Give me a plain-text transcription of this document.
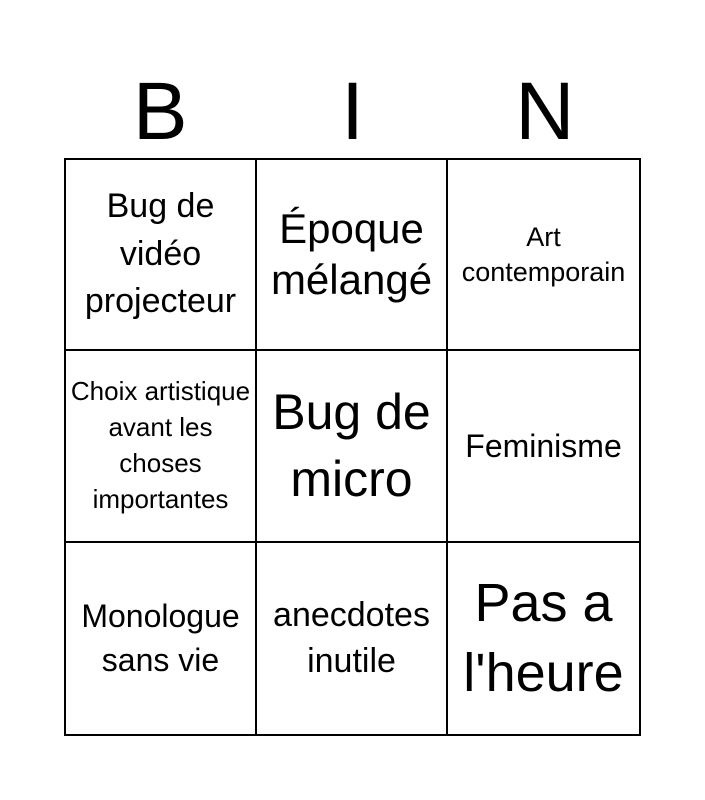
B	I	N
Bug de vidéo projecteur
Époque mélangé
Art contemporain
Choix artistique avant les choses importantes
Bug de micro
Feminisme
Monologue sans vie
anecdotes inutile
Pas a l'heure
